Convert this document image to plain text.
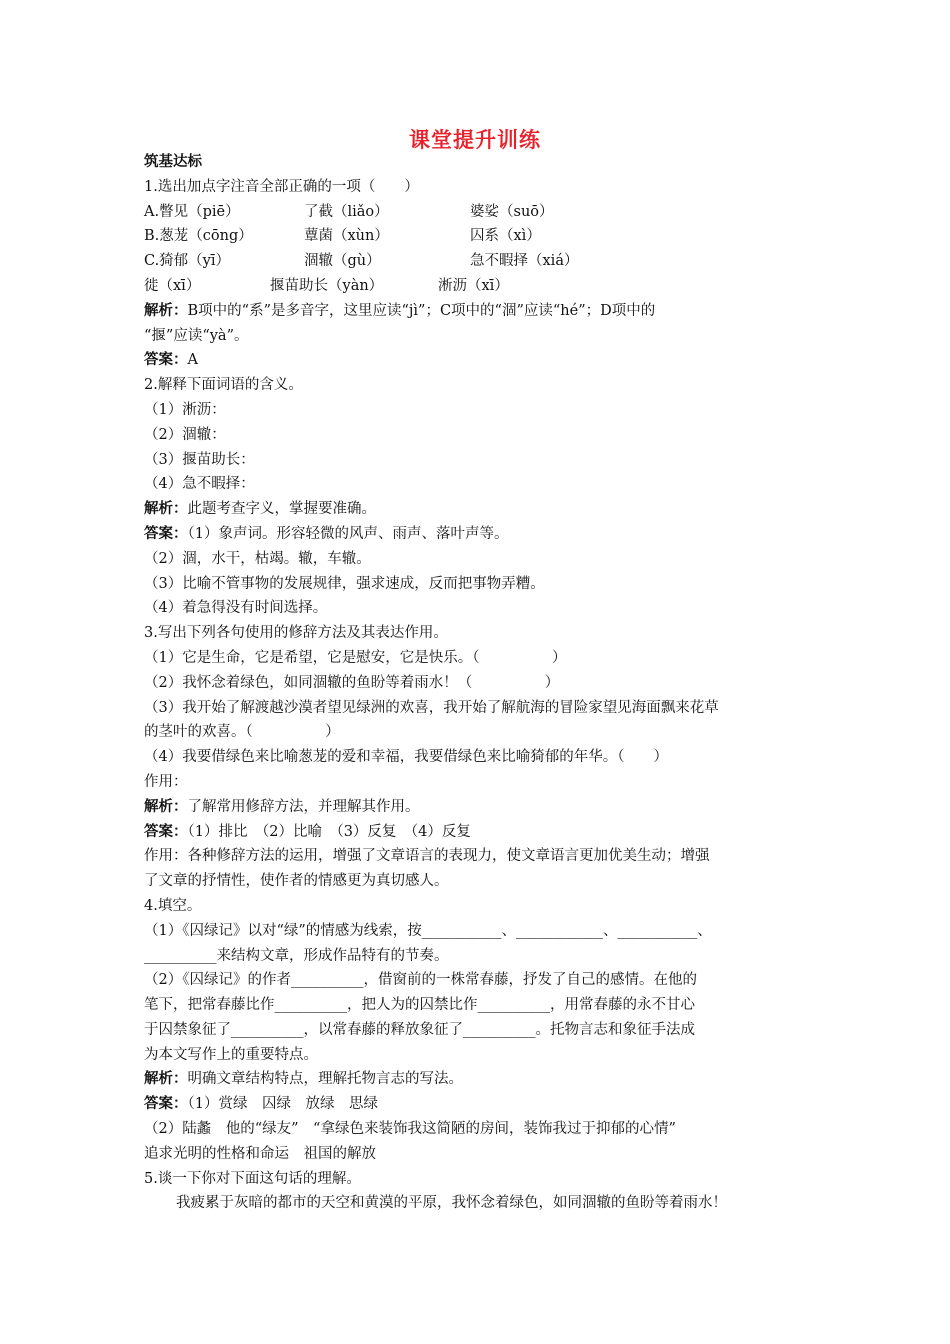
课堂提升训练
筑基达标
1.选出加点字注音全部正确的一项（　　）
A.瞥见（piē）	了截（liǎo）	婆娑（suō）
B.葱茏（cōng）	蕈菌（xùn）	囚系（xì）
C.猗郁（yī）	涸辙（gù）	急不暇择（xiá）
徙（xī）	揠苗助长（yàn）	淅沥（xī）
解析：B项中的“系”是多音字，这里应读“jì”；C项中的“涸”应读“hé”；D项中的
“揠”应读“yà”。
答案：A
2.解释下面词语的含义。
（1）淅沥：
（2）涸辙：
（3）揠苗助长：
（4）急不暇择：
解析：此题考查字义，掌握要准确。
答案：（1）象声词。形容轻微的风声、雨声、落叶声等。
（2）涸，水干，枯竭。辙，车辙。
（3）比喻不管事物的发展规律，强求速成，反而把事物弄糟。
（4）着急得没有时间选择。
3.写出下列各句使用的修辞方法及其表达作用。
（1）它是生命，它是希望，它是慰安，它是快乐。（　　　　　）
（2）我怀念着绿色，如同涸辙的鱼盼等着雨水！（　　　　　）
（3）我开始了解渡越沙漠者望见绿洲的欢喜，我开始了解航海的冒险家望见海面飘来花草
的茎叶的欢喜。（　　　　　）
（4）我要借绿色来比喻葱茏的爱和幸福，我要借绿色来比喻猗郁的年华。（　　）
作用：
解析：了解常用修辞方法，并理解其作用。
答案：（1）排比　（2）比喻　（3）反复　（4）反复
作用：各种修辞方法的运用，增强了文章语言的表现力，使文章语言更加优美生动；增强
了文章的抒情性，使作者的情感更为真切感人。
4.填空。
（1）《囚绿记》以对“绿”的情感为线索，按___________、____________、___________、
__________来结构文章，形成作品特有的节奏。
（2）《囚绿记》的作者__________，借窗前的一株常春藤，抒发了自己的感情。在他的
笔下，把常春藤比作__________，把人为的囚禁比作__________，用常春藤的永不甘心
于囚禁象征了__________，以常春藤的释放象征了__________。托物言志和象征手法成
为本文写作上的重要特点。
解析：明确文章结构特点，理解托物言志的写法。
答案：（1）赏绿　囚绿　放绿　思绿
（2）陆蠡　他的“绿友”　“拿绿色来装饰我这简陋的房间，装饰我过于抑郁的心情”
追求光明的性格和命运　祖国的解放
5.谈一下你对下面这句话的理解。
我疲累于灰暗的都市的天空和黄漠的平原，我怀念着绿色，如同涸辙的鱼盼等着雨水！
